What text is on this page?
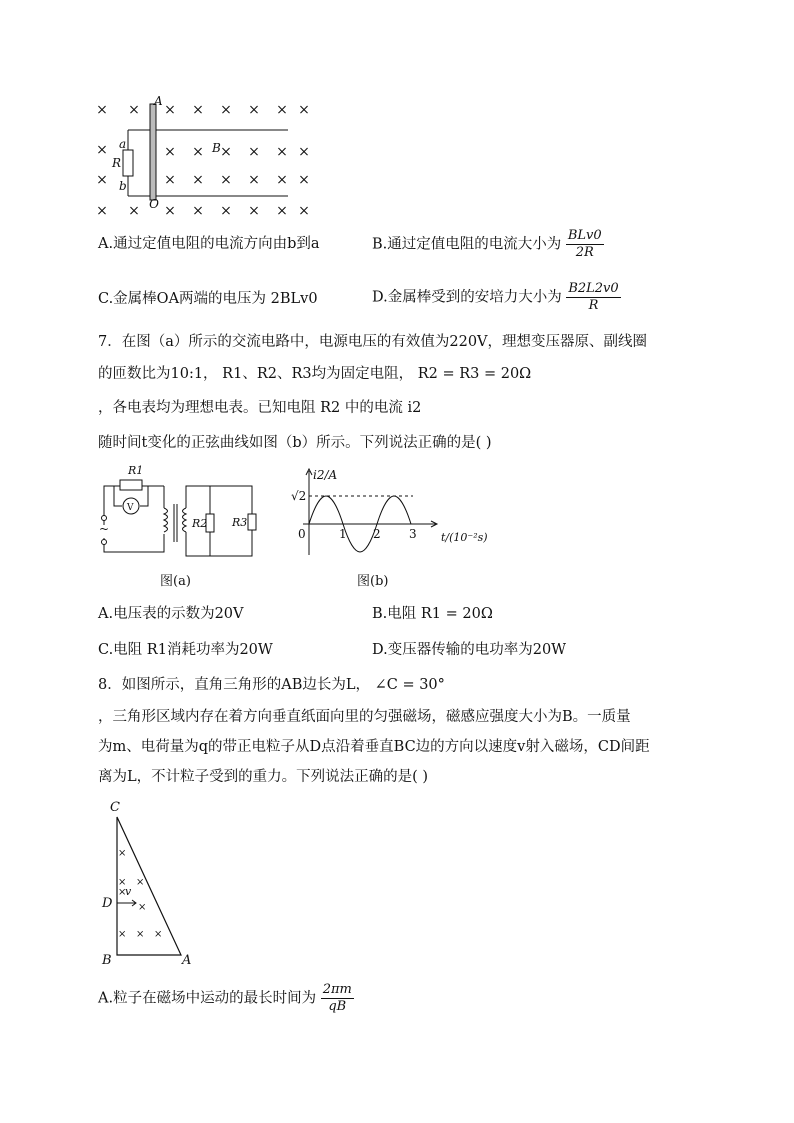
× × × × × × × ×
×	× × × × × ×
×	× × × × × ×
× × × × × × × ×
A
O
a
b
R
B
A.通过定值电阻的电流方向由b到a	B.通过定值电阻的电流大小为 $\frac{\text{BLv0}}{2R}$
C.金属棒OA两端的电压为 2BLv0	D.金属棒受到的安培力大小为 $\frac{B2L2v0}{R}$
7．在图（a）所示的交流电路中，电源电压的有效值为220V，理想变压器原、副线圈
的匝数比为10:1， R1、R2、R3均为固定电阻， R2 = R3 = 20Ω
，各电表均为理想电表。已知电阻 R2 中的电流 i2
随时间t变化的正弦曲线如图（b）所示。下列说法正确的是( )
R1
V
R2 R3
~
图(a)
i2/A
√2
0	1 2 3 t/(10⁻²s)
图(b)
A.电压表的示数为20V	B.电阻 R1 = 20Ω
C.电阻 R1消耗功率为20W	D.变压器传输的电功率为20W
8．如图所示，直角三角形的AB边长为L， ∠C = 30°
，三角形区域内存在着方向垂直纸面向里的匀强磁场，磁感应强度大小为B。一质量
为m、电荷量为q的带正电粒子从D点沿着垂直BC边的方向以速度v射入磁场，CD间距
离为L，不计粒子受到的重力。下列说法正确的是( )
×
× ×
×
×
× × ×
C
D
B	A
v
A.粒子在磁场中运动的最长时间为 $\frac{2\pi m}{qB}$
